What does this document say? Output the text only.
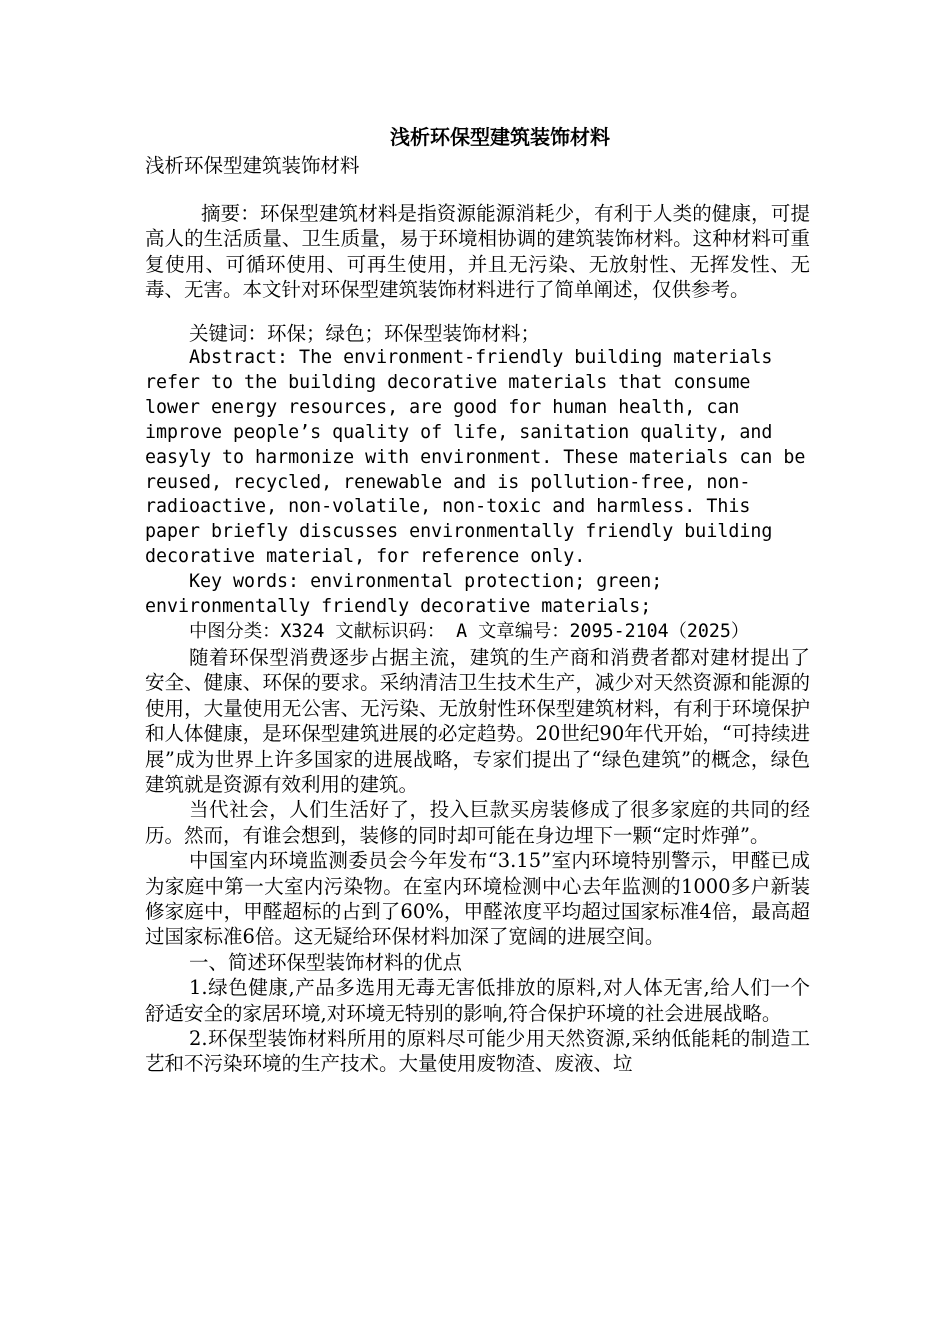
浅析环保型建筑装饰材料

浅析环保型建筑装饰材料

摘要：环保型建筑材料是指资源能源消耗少，有利于人类的健康，可提高人的生活质量、卫生质量，易于环境相协调的建筑装饰材料。这种材料可重复使用、可循环使用、可再生使用，并且无污染、无放射性、无挥发性、无毒、无害。本文针对环保型建筑装饰材料进行了简单阐述，仅供参考。

关键词：环保；绿色；环保型装饰材料；

Abstract: The environment-friendly building materials refer to the building decorative materials that consume lower energy resources, are good for human health, can improve people’s quality of life, sanitation quality, and easyly to harmonize with environment. These materials can be reused, recycled, renewable and is pollution-free, non-radioactive, non-volatile, non-toxic and harmless. This paper briefly discusses environmentally friendly building decorative material, for reference only.

Key words: environmental protection; green; environmentally friendly decorative materials;

中图分类：X324 文献标识码： A 文章编号：2095-2104（2025）

随着环保型消费逐步占据主流，建筑的生产商和消费者都对建材提出了安全、健康、环保的要求。采纳清洁卫生技术生产，减少对天然资源和能源的使用，大量使用无公害、无污染、无放射性环保型建筑材料，有利于环境保护和人体健康，是环保型建筑进展的必定趋势。20世纪90年代开始，“可持续进展”成为世界上许多国家的进展战略，专家们提出了“绿色建筑”的概念，绿色建筑就是资源有效利用的建筑。

当代社会，人们生活好了，投入巨款买房装修成了很多家庭的共同的经历。然而，有谁会想到，装修的同时却可能在身边埋下一颗“定时炸弹”。

中国室内环境监测委员会今年发布“3.15”室内环境特别警示，甲醛已成为家庭中第一大室内污染物。在室内环境检测中心去年监测的1000多户新装修家庭中，甲醛超标的占到了60%，甲醛浓度平均超过国家标准4倍，最高超过国家标准6倍。这无疑给环保材料加深了宽阔的进展空间。

一、简述环保型装饰材料的优点

1.绿色健康,产品多选用无毒无害低排放的原料,对人体无害,给人们一个舒适安全的家居环境,对环境无特别的影响,符合保护环境的社会进展战略。

2.环保型装饰材料所用的原料尽可能少用天然资源,采纳低能耗的制造工艺和不污染环境的生产技术。大量使用废物渣、废液、垃
